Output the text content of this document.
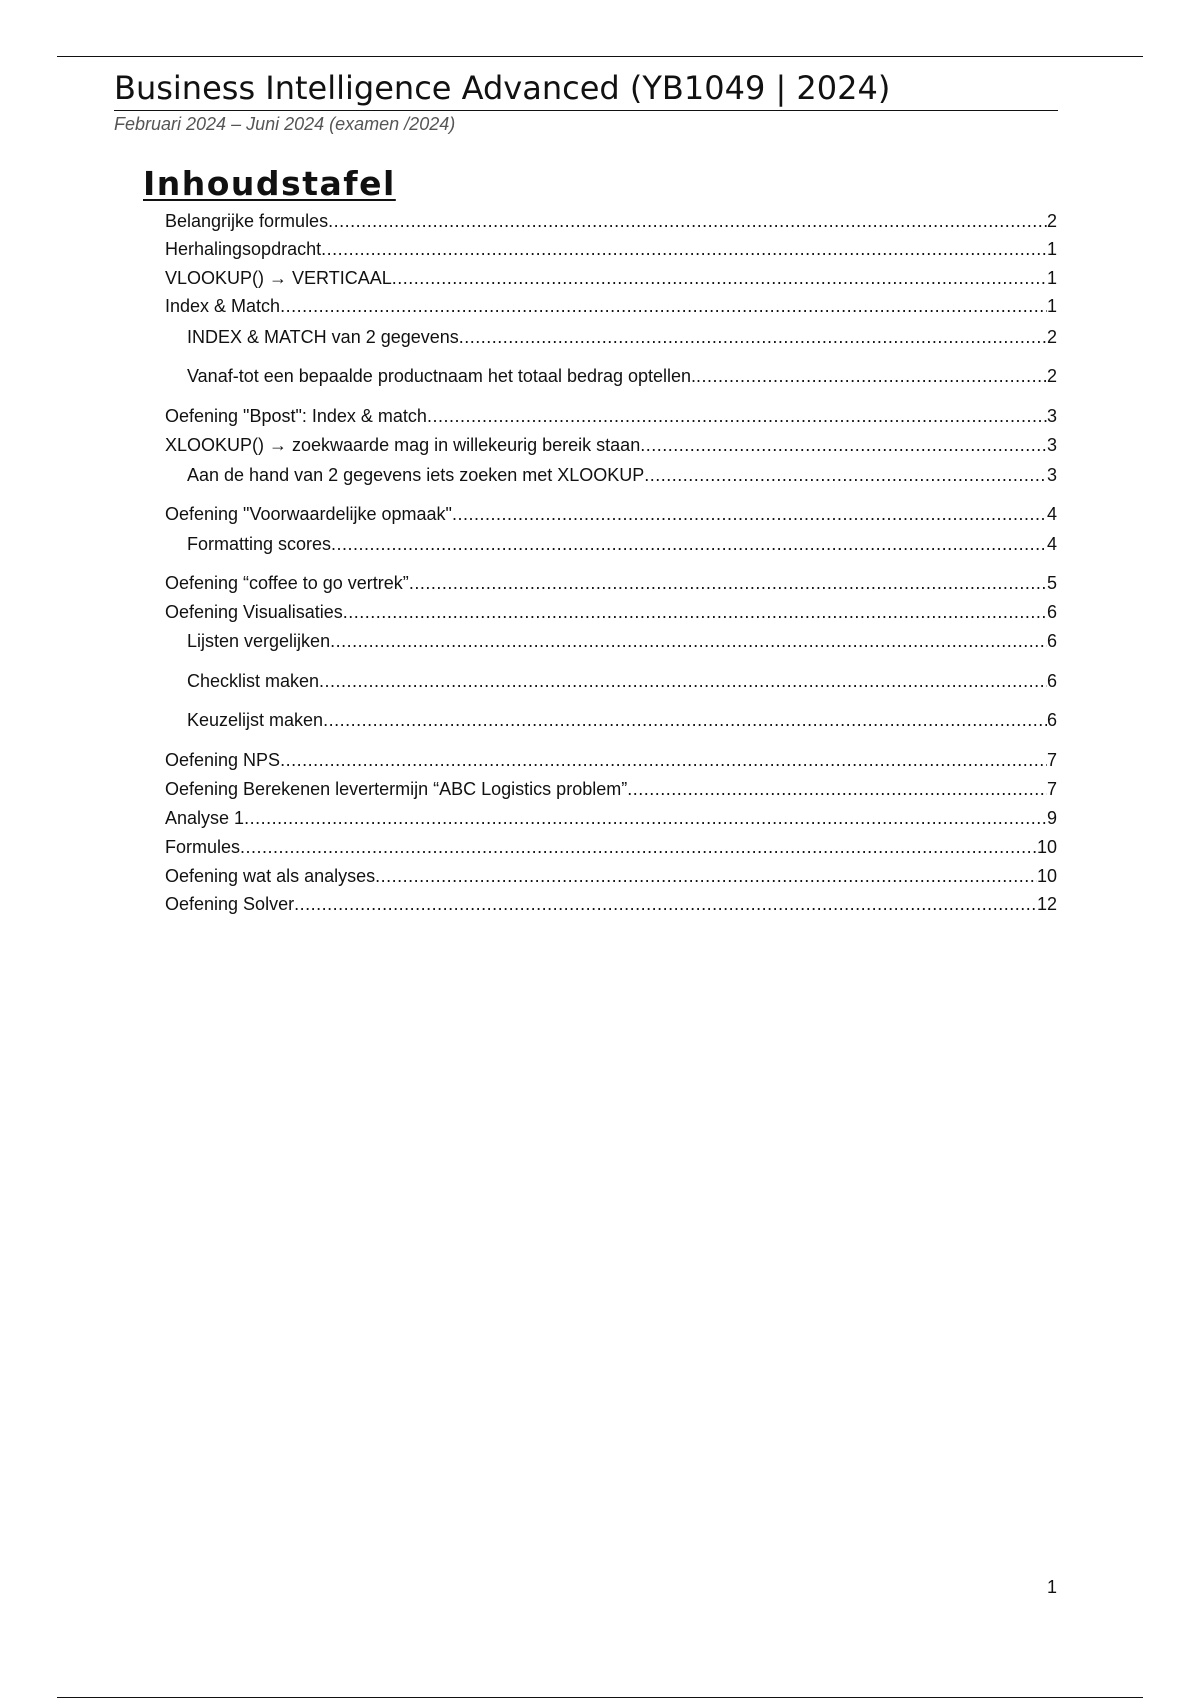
Business Intelligence Advanced (YB1049 | 2024)
Februari 2024 – Juni 2024 (examen /2024)
Inhoudstafel
Belangrijke formules .....	2
Herhalingsopdracht .....	1
VLOOKUP() → VERTICAAL .....	1
Index & Match .....	1
INDEX & MATCH van 2 gegevens .....	2
Vanaf-tot een bepaalde productnaam het totaal bedrag optellen. .....	2
Oefening "Bpost": Index & match .....	3
XLOOKUP() → zoekwaarde mag in willekeurig bereik staan .....	3
Aan de hand van 2 gegevens iets zoeken met XLOOKUP .....	3
Oefening "Voorwaardelijke opmaak" .....	4
Formatting scores .....	4
Oefening “coffee to go vertrek” .....	5
Oefening Visualisaties .....	6
Lijsten vergelijken .....	6
Checklist maken .....	6
Keuzelijst maken .....	6
Oefening NPS .....	7
Oefening Berekenen levertermijn “ABC Logistics problem” .....	7
Analyse 1 .....	9
Formules .....	10
Oefening wat als analyses .....	10
Oefening Solver .....	12
1
